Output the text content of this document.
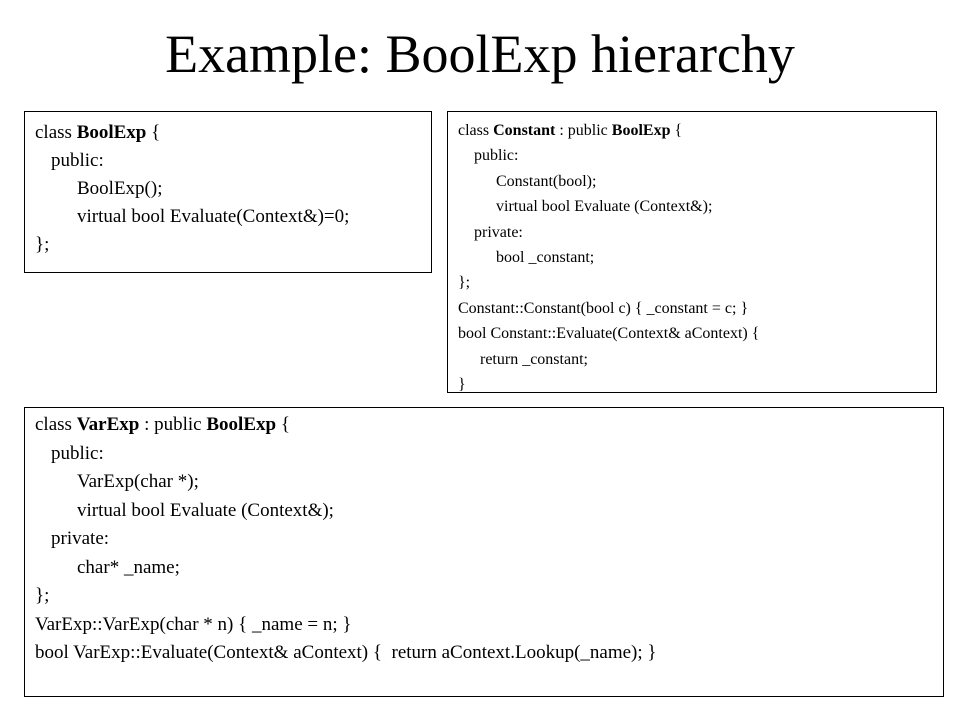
Example: BoolExp hierarchy
class BoolExp {
public:
BoolExp();
virtual bool Evaluate(Context&)=0;
};
class Constant : public BoolExp {
public:
Constant(bool);
virtual bool Evaluate (Context&);
private:
bool _constant;
};
Constant::Constant(bool c) { _constant = c; }
bool Constant::Evaluate(Context& aContext) {
return _constant;
}
class VarExp : public BoolExp {
public:
VarExp(char *);
virtual bool Evaluate (Context&);
private:
char* _name;
};
VarExp::VarExp(char * n) { _name = n; }
bool VarExp::Evaluate(Context& aContext) {  return aContext.Lookup(_name); }
